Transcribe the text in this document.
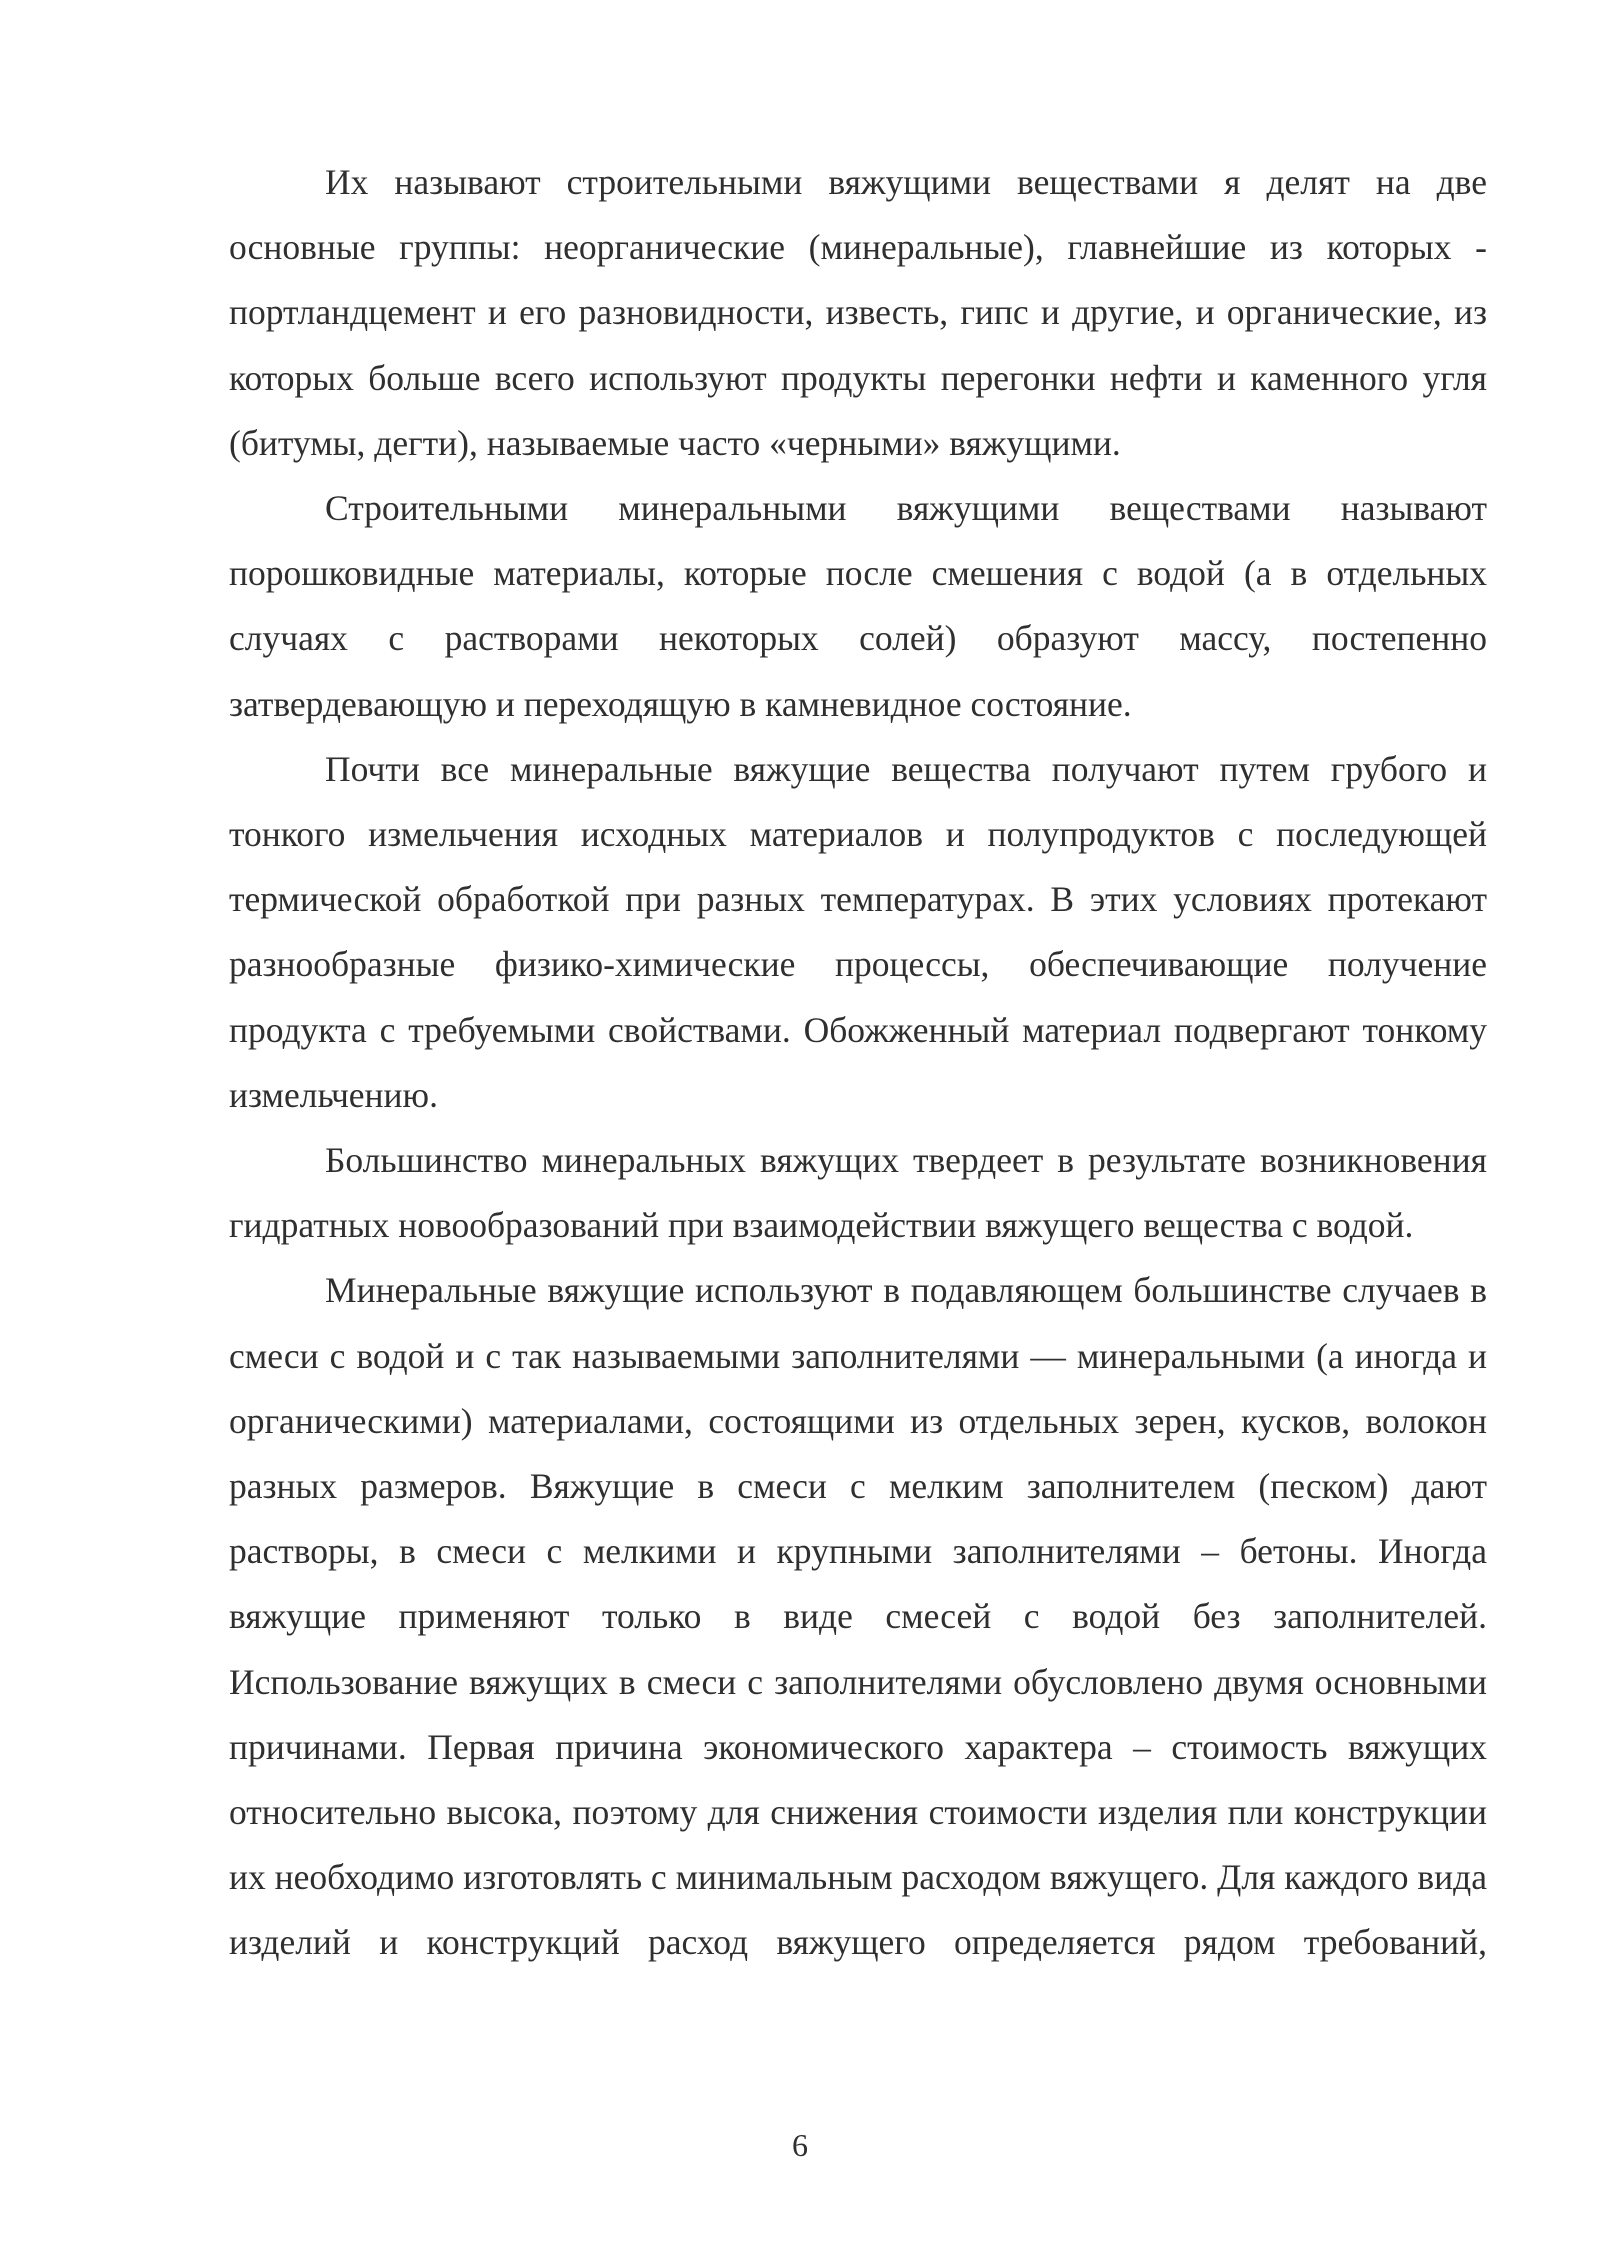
Их называют строительными вяжущими веществами я делят на две основные группы: неорганические (минеральные), главнейшие из которых - портландцемент и его разновидности, известь, гипс и другие, и органические, из которых больше всего используют продукты перегонки нефти и каменного угля (битумы, дегти), называемые часто «черными» вяжущими.

Строительными минеральными вяжущими веществами называют порошковидные материалы, которые после смешения с водой (а в отдельных случаях с растворами некоторых солей) образуют массу, постепенно затвердевающую и переходящую в камневидное состояние.

Почти все минеральные вяжущие вещества получают путем грубого и тонкого измельчения исходных материалов и полупродуктов с последующей термической обработкой при разных температурах. В этих условиях протекают разнообразные физико-химические процессы, обеспечивающие получение продукта с требуемыми свойствами. Обожженный материал подвергают тонкому измельчению.

Большинство минеральных вяжущих твердеет в результате возникновения гидратных новообразований при взаимодействии вяжущего вещества с водой.

Минеральные вяжущие используют в подавляющем большинстве случаев в смеси с водой и с так называемыми заполнителями — минеральными (а иногда и органическими) материалами, состоящими из отдельных зерен, кусков, волокон разных размеров. Вяжущие в смеси с мелким заполнителем (песком) дают растворы, в смеси с мелкими и крупными заполнителями – бетоны. Иногда вяжущие применяют только в виде смесей с водой без заполнителей. Использование вяжущих в смеси с заполнителями обусловлено двумя основными причинами. Первая причина экономического характера – стоимость вяжущих относительно высока, поэтому для снижения стоимости изделия пли конструкции их необходимо изготовлять с минимальным расходом вяжущего. Для каждого вида изделий и конструкций расход вяжущего определяется рядом требований,

6
